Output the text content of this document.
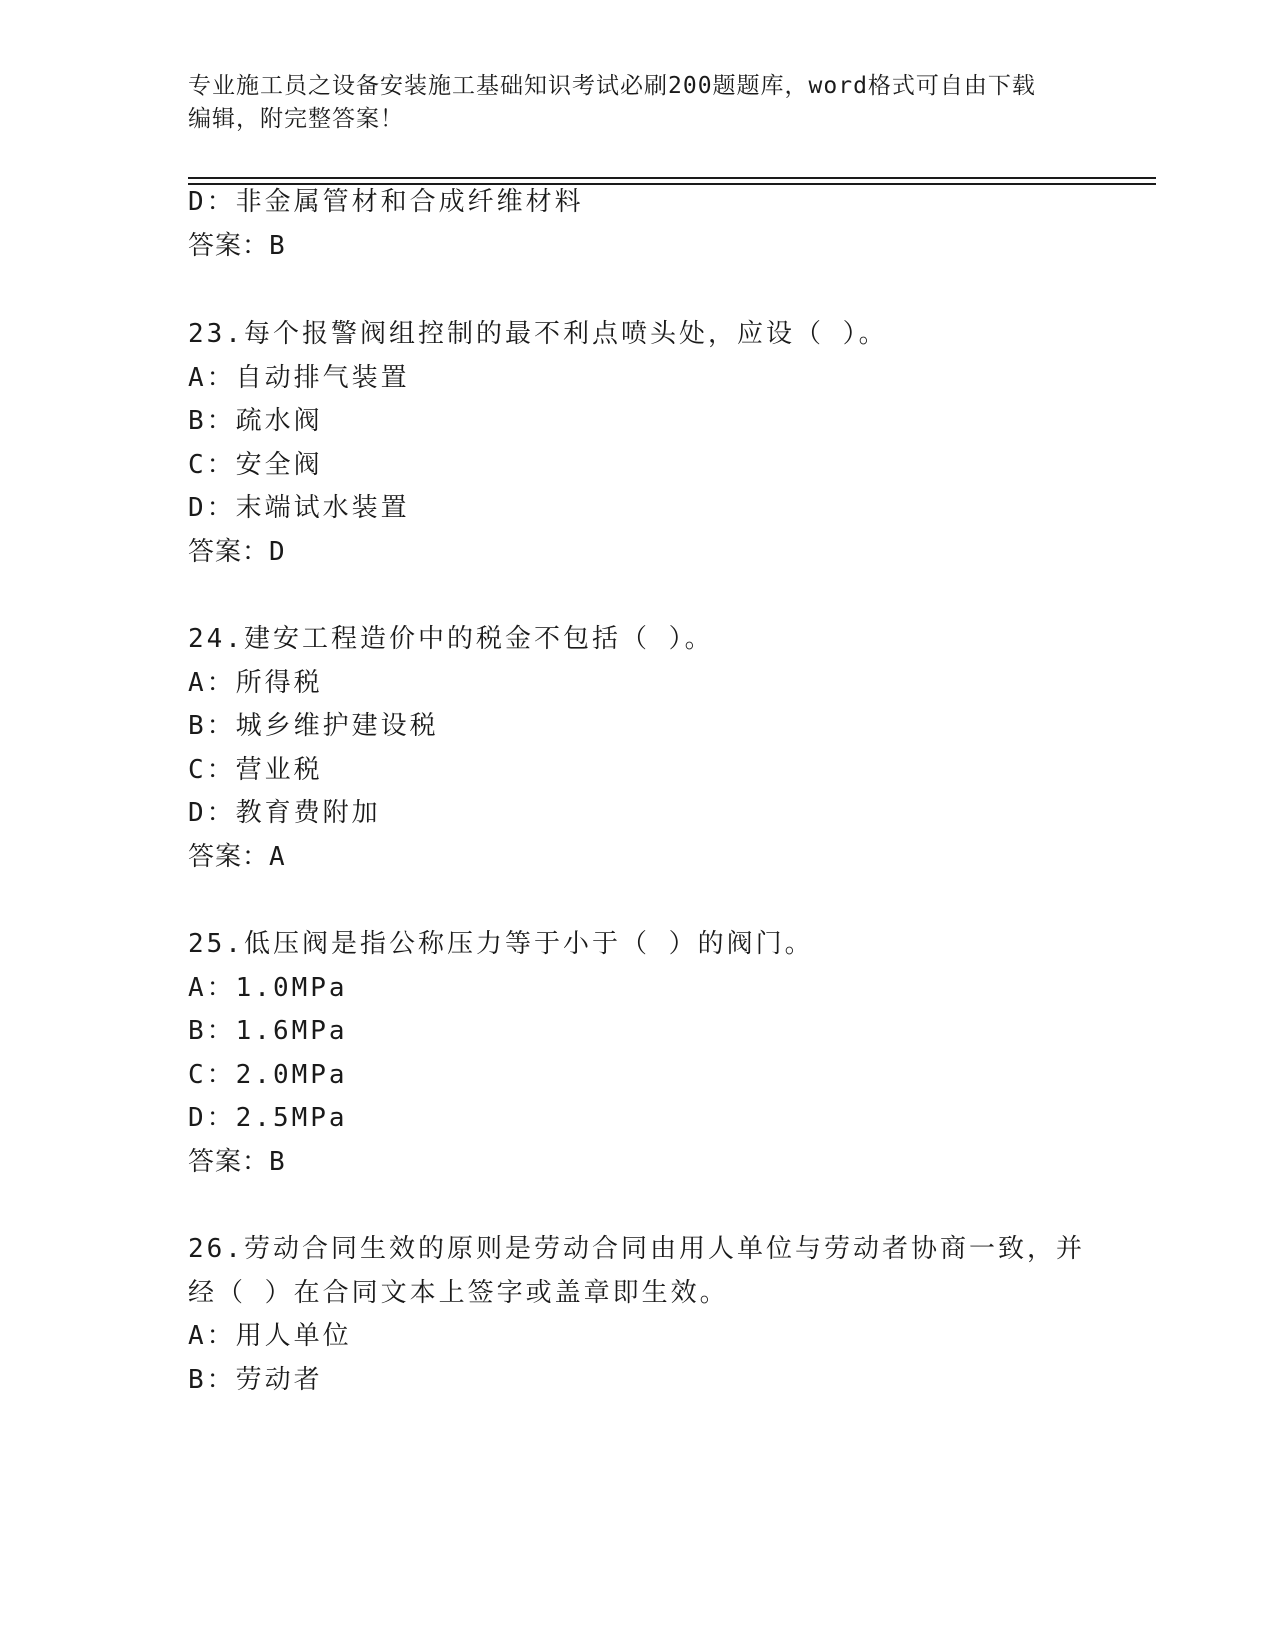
专业施工员之设备安装施工基础知识考试必刷200题题库，word格式可自由下载
编辑，附完整答案！
D：非金属管材和合成纤维材料
答案：B
23.每个报警阀组控制的最不利点喷头处，应设（ ）。
A：自动排气装置
B：疏水阀
C：安全阀
D：末端试水装置
答案：D
24.建安工程造价中的税金不包括（ ）。
A：所得税
B：城乡维护建设税
C：营业税
D：教育费附加
答案：A
25.低压阀是指公称压力等于小于（ ）的阀门。
A：1.0MPa
B：1.6MPa
C：2.0MPa
D：2.5MPa
答案：B
26.劳动合同生效的原则是劳动合同由用人单位与劳动者协商一致，并
经（ ）在合同文本上签字或盖章即生效。
A：用人单位
B：劳动者
